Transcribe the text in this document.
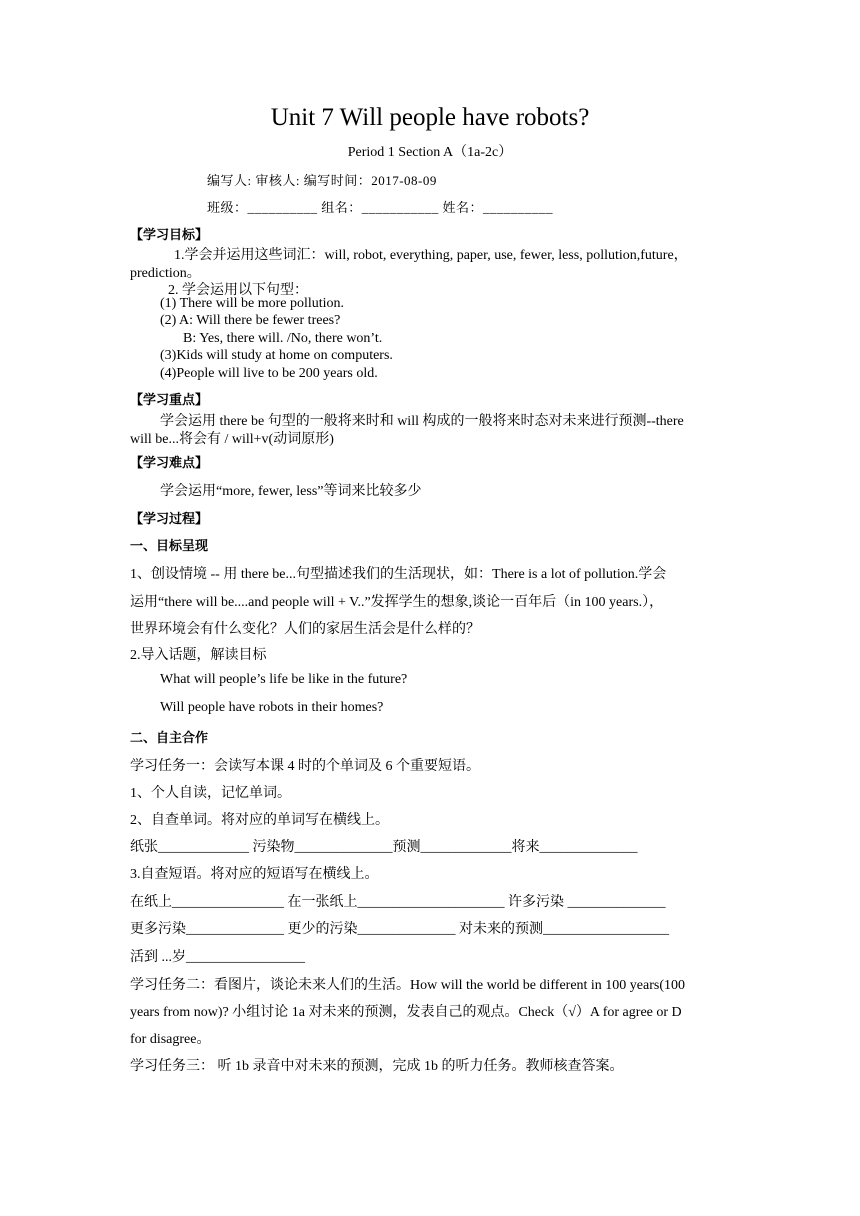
Unit 7 Will people have robots?
Period 1 Section A（1a-2c）
编写人: 审核人: 编写时间：2017-08-09
班级：__________ 组名：___________ 姓名：__________
【学习目标】
1.学会并运用这些词汇：will, robot, everything, paper, use, fewer, less, pollution,future，
prediction。
2. 学会运用以下句型：
(1) There will be more pollution.
(2) A: Will there be fewer trees?
B: Yes, there will. /No, there won’t.
(3)Kids will study at home on computers.
(4)People will live to be 200 years old.
【学习重点】
学会运用 there be 句型的一般将来时和 will 构成的一般将来时态对未来进行预测--there
will be...将会有 / will+v(动词原形)
【学习难点】
学会运用“more, fewer, less”等词来比较多少
【学习过程】
一、目标呈现
1、创设情境 -- 用 there be...句型描述我们的生活现状，如：There is a lot of pollution.学会
运用“there will be....and people will + V..”发挥学生的想象,谈论一百年后（in 100 years.），
世界环境会有什么变化？人们的家居生活会是什么样的？
2.导入话题，解读目标
What will people’s life be like in the future?
Will people have robots in their homes?
二、自主合作
学习任务一：会读写本课 4 时的个单词及 6 个重要短语。
1、个人自读，记忆单词。
2、自查单词。将对应的单词写在横线上。
纸张_____________ 污染物______________预测_____________将来______________
3.自查短语。将对应的短语写在横线上。
在纸上________________ 在一张纸上_____________________ 许多污染 ______________
更多污染______________ 更少的污染______________ 对未来的预测__________________
活到 ...岁_________________
学习任务二：看图片，谈论未来人们的生活。How will the world be different in 100 years(100
years from now)? 小组讨论 1a 对未来的预测，发表自己的观点。Check（√）A for agree or D
for disagree。
学习任务三： 听 1b 录音中对未来的预测，完成 1b 的听力任务。教师核查答案。
